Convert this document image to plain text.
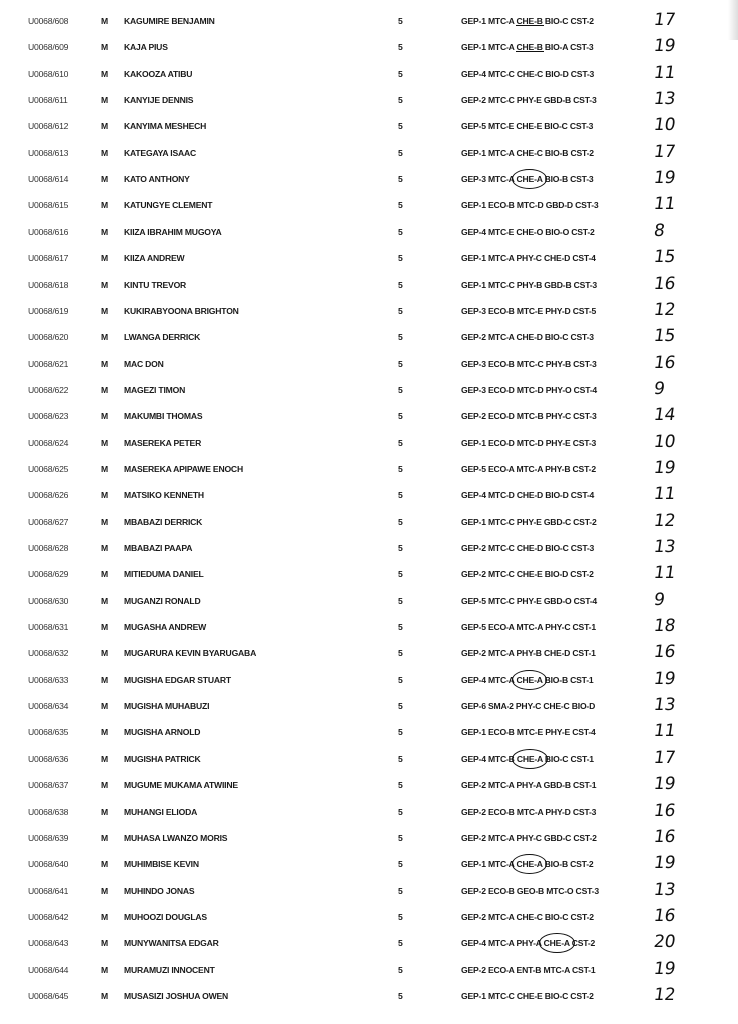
U0068/608	M KAGUMIRE BENJAMIN	5	GEP-1 MTC-A CHE-B BIO-C CST-2	17
U0068/609	M KAJA PIUS	5	GEP-1 MTC-A CHE-B BIO-A CST-3	19
U0068/610	M KAKOOZA ATIBU	5	GEP-4 MTC-C CHE-C BIO-D CST-3	11
U0068/611	M KANYIJE DENNIS	5	GEP-2 MTC-C PHY-E GBD-B CST-3	13
U0068/612	M KANYIMA MESHECH	5	GEP-5 MTC-E CHE-E BIO-C CST-3	10
U0068/613	M KATEGAYA ISAAC	5	GEP-1 MTC-A CHE-C BIO-B CST-2	17
U0068/614	M KATO ANTHONY	5	GEP-3 MTC-A CHE-A BIO-B CST-3	19
U0068/615	M KATUNGYE CLEMENT	5	GEP-1 ECO-B MTC-D GBD-D CST-3	11
U0068/616	M KIIZA IBRAHIM MUGOYA	5	GEP-4 MTC-E CHE-O BIO-O CST-2	8
U0068/617	M KIIZA ANDREW	5	GEP-1 MTC-A PHY-C CHE-D CST-4	15
U0068/618	M KINTU TREVOR	5	GEP-1 MTC-C PHY-B GBD-B CST-3	16
U0068/619	M KUKIRABYOONA BRIGHTON	5	GEP-3 ECO-B MTC-E PHY-D CST-5	12
U0068/620	M LWANGA DERRICK	5	GEP-2 MTC-A CHE-D BIO-C CST-3	15
U0068/621	M MAC DON	5	GEP-3 ECO-B MTC-C PHY-B CST-3	16
U0068/622	M MAGEZI TIMON	5	GEP-3 ECO-D MTC-D PHY-O CST-4	9
U0068/623	M MAKUMBI THOMAS	5	GEP-2 ECO-D MTC-B PHY-C CST-3	14
U0068/624	M MASEREKA PETER	5	GEP-1 ECO-D MTC-D PHY-E CST-3	10
U0068/625	M MASEREKA APIPAWE ENOCH	5	GEP-5 ECO-A MTC-A PHY-B CST-2	19
U0068/626	M MATSIKO KENNETH	5	GEP-4 MTC-D CHE-D BIO-D CST-4	11
U0068/627	M MBABAZI DERRICK	5	GEP-1 MTC-C PHY-E GBD-C CST-2	12
U0068/628	M MBABAZI PAAPA	5	GEP-2 MTC-C CHE-D BIO-C CST-3	13
U0068/629	M MITIEDUMA DANIEL	5	GEP-2 MTC-C CHE-E BIO-D CST-2	11
U0068/630	M MUGANZI RONALD	5	GEP-5 MTC-C PHY-E GBD-O CST-4	9
U0068/631	M MUGASHA ANDREW	5	GEP-5 ECO-A MTC-A PHY-C CST-1	18
U0068/632	M MUGARURA KEVIN BYARUGABA	5	GEP-2 MTC-A PHY-B CHE-D CST-1	16
U0068/633	M MUGISHA EDGAR STUART	5	GEP-4 MTC-A CHE-A BIO-B CST-1	19
U0068/634	M MUGISHA MUHABUZI	5	GEP-6 SMA-2 PHY-C CHE-C BIO-D	13
U0068/635	M MUGISHA ARNOLD	5	GEP-1 ECO-B MTC-E PHY-E CST-4	11
U0068/636	M MUGISHA PATRICK	5	GEP-4 MTC-B CHE-A BIO-C CST-1	17
U0068/637	M MUGUME MUKAMA ATWIINE	5	GEP-2 MTC-A PHY-A GBD-B CST-1	19
U0068/638	M MUHANGI ELIODA	5	GEP-2 ECO-B MTC-A PHY-D CST-3	16
U0068/639	M MUHASA LWANZO MORIS	5	GEP-2 MTC-A PHY-C GBD-C CST-2	16
U0068/640	M MUHIMBISE KEVIN	5	GEP-1 MTC-A CHE-A BIO-B CST-2	19
U0068/641	M MUHINDO JONAS	5	GEP-2 ECO-B GEO-B MTC-O CST-3	13
U0068/642	M MUHOOZI DOUGLAS	5	GEP-2 MTC-A CHE-C BIO-C CST-2	16
U0068/643	M MUNYWANITSA EDGAR	5	GEP-4 MTC-A PHY-A CHE-A CST-2	20
U0068/644	M MURAMUZI INNOCENT	5	GEP-2 ECO-A ENT-B MTC-A CST-1	19
U0068/645	M MUSASIZI JOSHUA OWEN	5	GEP-1 MTC-C CHE-E BIO-C CST-2	12
